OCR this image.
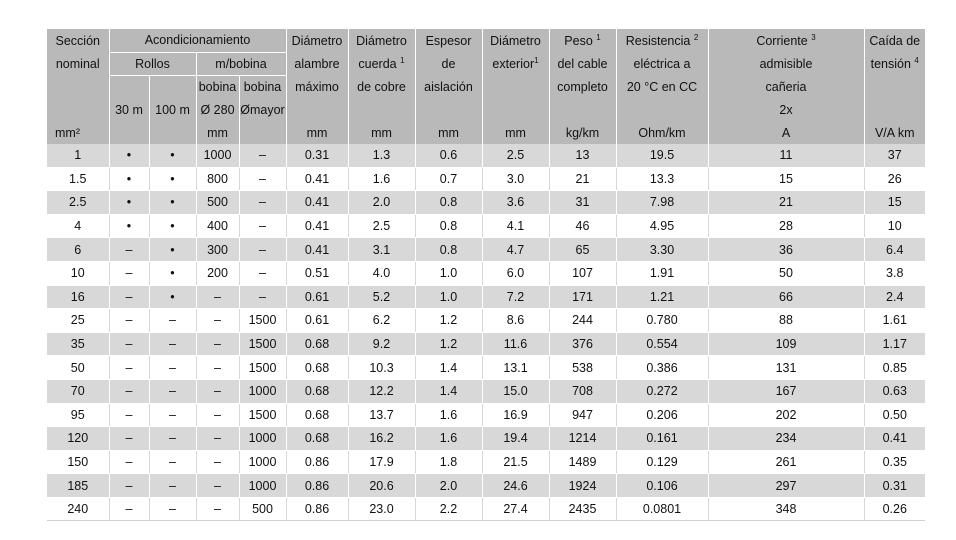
Sección	Acondicionamiento				Diámetro	Diámetro	Espesor	Diámetro	Peso $^1$	Resistencia $^2$	Corriente $^3$	Caída de
nominal	Rollos		m/bobina		alambre	cuerda $^1$	de	exterior$^1$	del cable	eléctrica a	admisible	tensión $^4$
			bobina	bobina	máximo	de cobre	aislación		completo	20 °C en CC	cañeria	
	30 m	100 m	Ø 280	Ømayor							2x	
mm²			mm		mm	mm	mm	mm	kg/km	Ohm/km	A	V/A km
1	•	•	1000	–	0.31	1.3	0.6	2.5	13	19.5	11	37
1.5	•	•	800	–	0.41	1.6	0.7	3.0	21	13.3	15	26
2.5	•	•	500	–	0.41	2.0	0.8	3.6	31	7.98	21	15
4	•	•	400	–	0.41	2.5	0.8	4.1	46	4.95	28	10
6	–	•	300	–	0.41	3.1	0.8	4.7	65	3.30	36	6.4
10	–	•	200	–	0.51	4.0	1.0	6.0	107	1.91	50	3.8
16	–	•	–	–	0.61	5.2	1.0	7.2	171	1.21	66	2.4
25	–	–	–	1500	0.61	6.2	1.2	8.6	244	0.780	88	1.61
35	–	–	–	1500	0.68	9.2	1.2	11.6	376	0.554	109	1.17
50	–	–	–	1500	0.68	10.3	1.4	13.1	538	0.386	131	0.85
70	–	–	–	1000	0.68	12.2	1.4	15.0	708	0.272	167	0.63
95	–	–	–	1500	0.68	13.7	1.6	16.9	947	0.206	202	0.50
120	–	–	–	1000	0.68	16.2	1.6	19.4	1214	0.161	234	0.41
150	–	–	–	1000	0.86	17.9	1.8	21.5	1489	0.129	261	0.35
185	–	–	–	1000	0.86	20.6	2.0	24.6	1924	0.106	297	0.31
240	–	–	–	500	0.86	23.0	2.2	27.4	2435	0.0801	348	0.26
